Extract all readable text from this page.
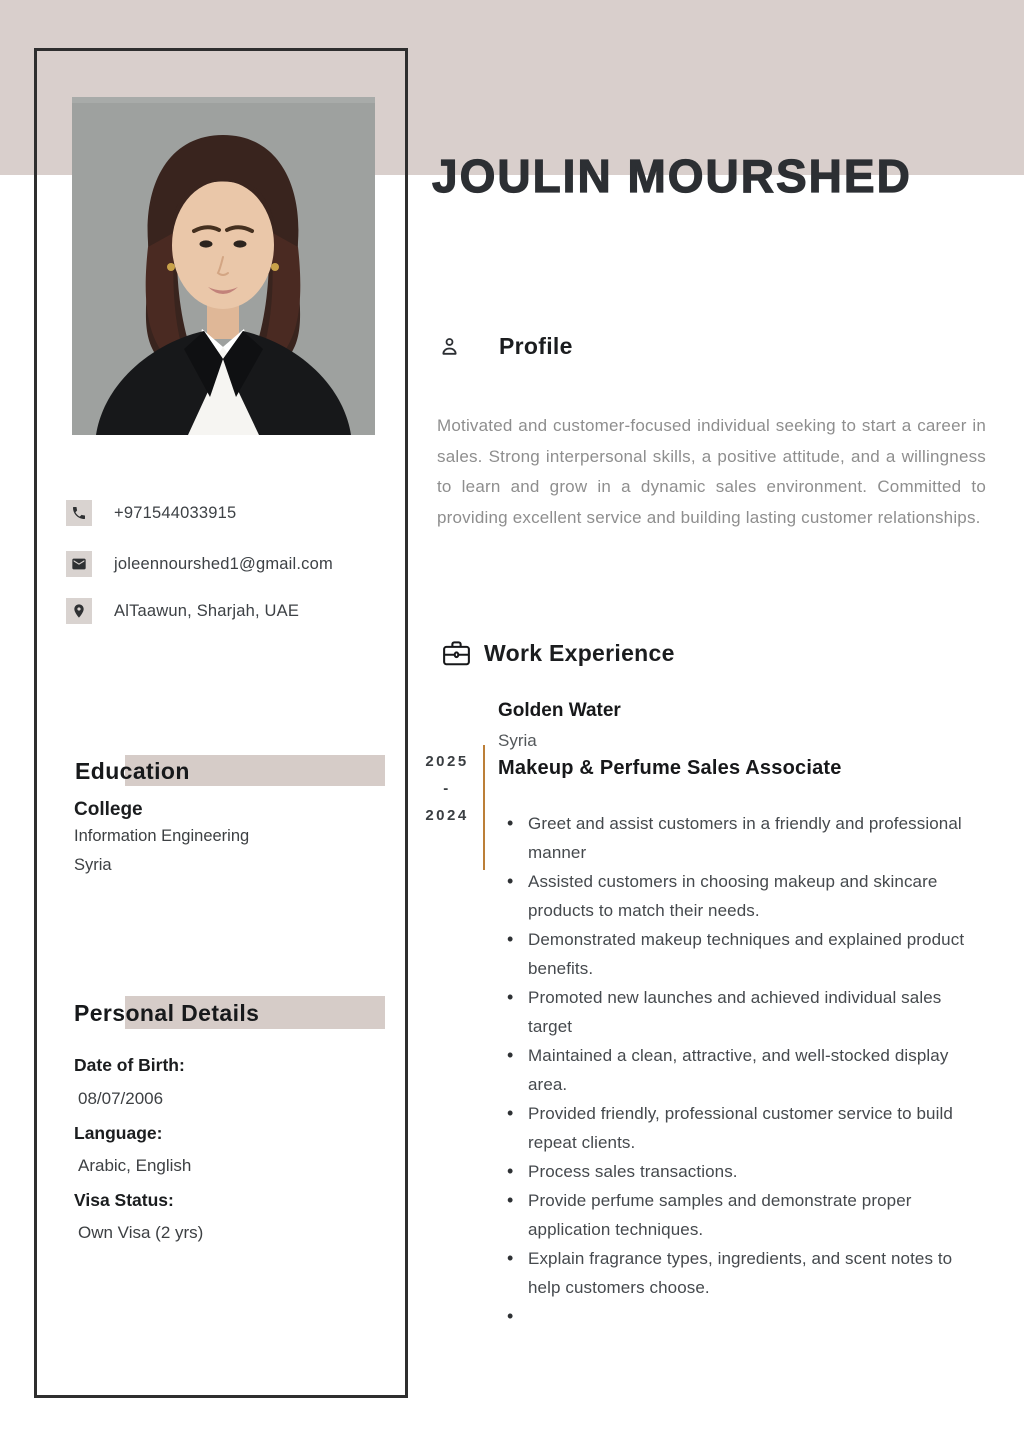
+971544033915
joleennourshed1@gmail.com
AlTaawun, Sharjah, UAE
Education
College
Information Engineering
Syria
Personal Details
Date of Birth:
08/07/2006
Language:
Arabic, English
Visa Status:
Own Visa (2 yrs)
JOULIN MOURSHED
Profile

Motivated and customer-focused individual seeking to start a career in sales. Strong interpersonal skills, a positive attitude, and a willingness to learn and grow in a dynamic sales environment. Committed to providing excellent service and building lasting customer relationships.

Work Experience
Golden Water
Syria
2025
-
2024
Makeup & Perfume Sales Associate
• Greet and assist customers in a friendly and professional manner
• Assisted customers in choosing makeup and skincare products to match their needs.
• Demonstrated makeup techniques and explained product benefits.
• Promoted new launches and achieved individual sales target
• Maintained a clean, attractive, and well-stocked display area.
• Provided friendly, professional customer service to build repeat clients.
• Process sales transactions.
• Provide perfume samples and demonstrate proper application techniques.
• Explain fragrance types, ingredients, and scent notes to help customers choose.
•
